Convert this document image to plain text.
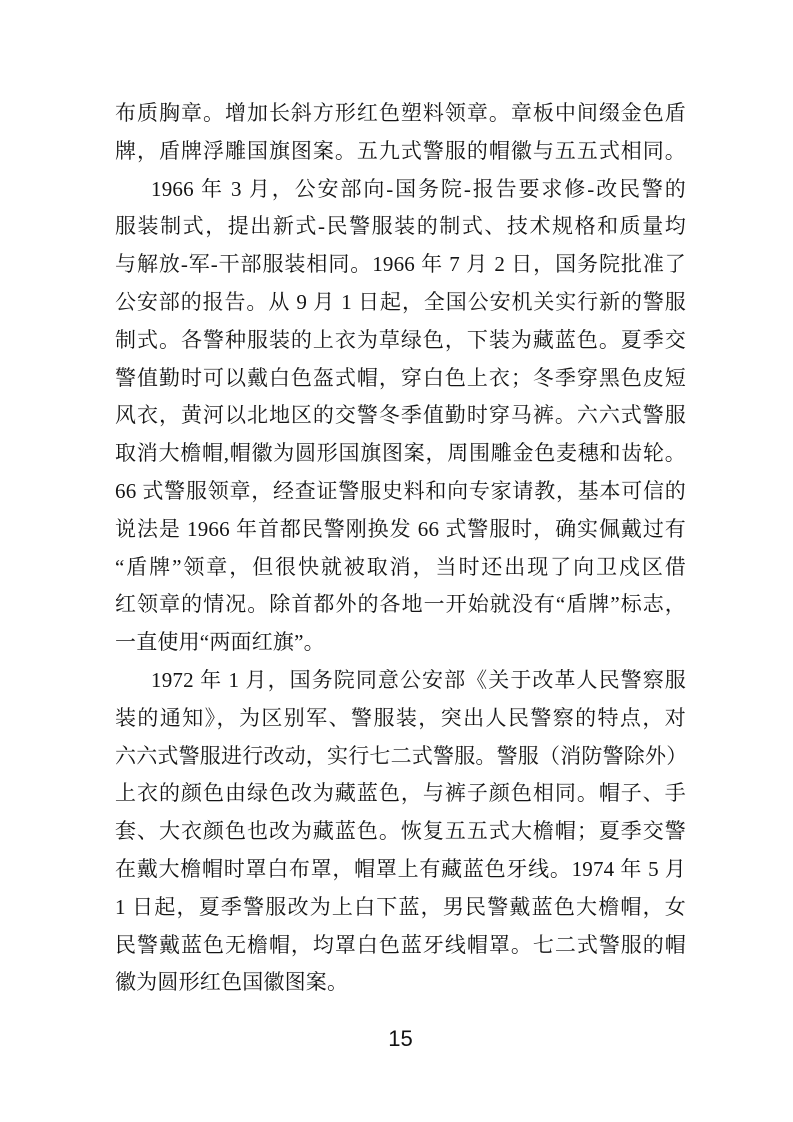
布质胸章。增加长斜方形红色塑料领章。章板中间缀金色盾
牌，盾牌浮雕国旗图案。五九式警服的帽徽与五五式相同。
1966 年 3 月，公安部向-国务院-报告要求修-改民警的
服装制式，提出新式-民警服装的制式、技术规格和质量均
与解放-军-干部服装相同。1966 年 7 月 2 日，国务院批准了
公安部的报告。从 9 月 1 日起，全国公安机关实行新的警服
制式。各警种服装的上衣为草绿色，下装为藏蓝色。夏季交
警值勤时可以戴白色盔式帽，穿白色上衣；冬季穿黑色皮短
风衣，黄河以北地区的交警冬季值勤时穿马裤。六六式警服
取消大檐帽,帽徽为圆形国旗图案，周围雕金色麦穗和齿轮。
66 式警服领章，经查证警服史料和向专家请教，基本可信的
说法是 1966 年首都民警刚换发 66 式警服时，确实佩戴过有
“盾牌”领章，但很快就被取消，当时还出现了向卫戍区借
红领章的情况。除首都外的各地一开始就没有“盾牌”标志，
一直使用“两面红旗”。
1972 年 1 月，国务院同意公安部《关于改革人民警察服
装的通知》，为区别军、警服装，突出人民警察的特点，对
六六式警服进行改动，实行七二式警服。警服（消防警除外）
上衣的颜色由绿色改为藏蓝色，与裤子颜色相同。帽子、手
套、大衣颜色也改为藏蓝色。恢复五五式大檐帽；夏季交警
在戴大檐帽时罩白布罩，帽罩上有藏蓝色牙线。1974 年 5 月
1 日起，夏季警服改为上白下蓝，男民警戴蓝色大檐帽，女
民警戴蓝色无檐帽，均罩白色蓝牙线帽罩。七二式警服的帽
徽为圆形红色国徽图案。
15
